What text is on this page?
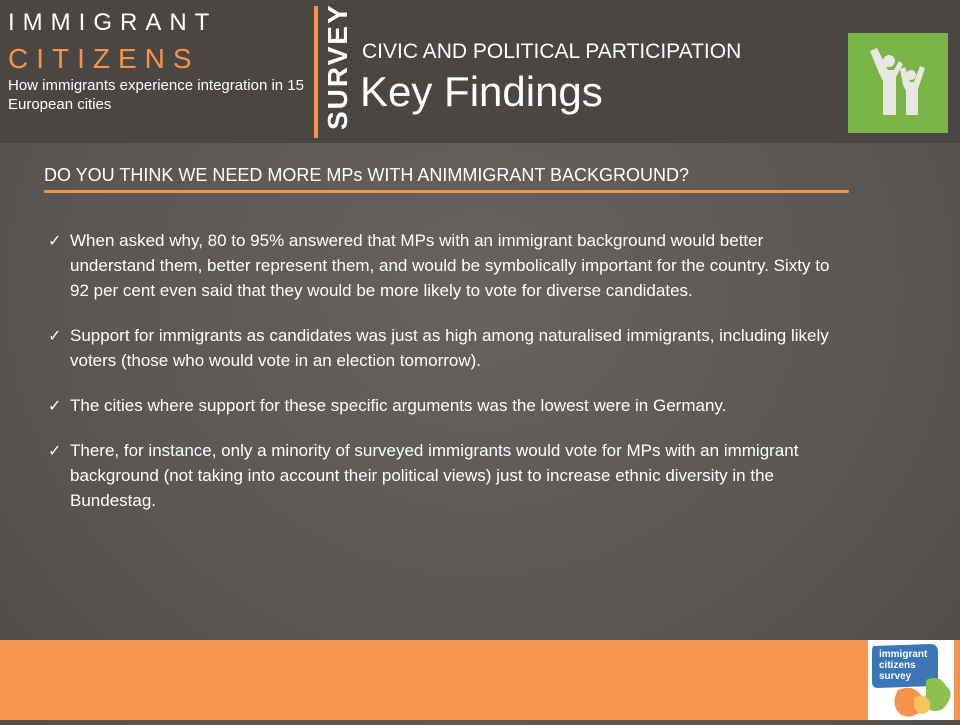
IMMIGRANT
CITIZENS
How immigrants experience integration in 15 European cities	SURVEY CIVIC AND POLITICAL PARTICIPATION
Key Findings
DO YOU THINK WE NEED MORE MPs WITH ANIMMIGRANT BACKGROUND?
✓ When asked why, 80 to 95% answered that MPs with an immigrant background would better understand them, better represent them, and would be symbolically important for the country. Sixty to 92 per cent even said that they would be more likely to vote for diverse candidates.
✓ Support for immigrants as candidates was just as high among naturalised immigrants, including likely voters (those who would vote in an election tomorrow).
✓ The cities where support for these specific arguments was the lowest were in Germany.
✓ There, for instance, only a minority of surveyed immigrants would vote for MPs with an immigrant background (not taking into account their political views) just to increase ethnic diversity in the Bundestag.
immigrant
citizens
survey
